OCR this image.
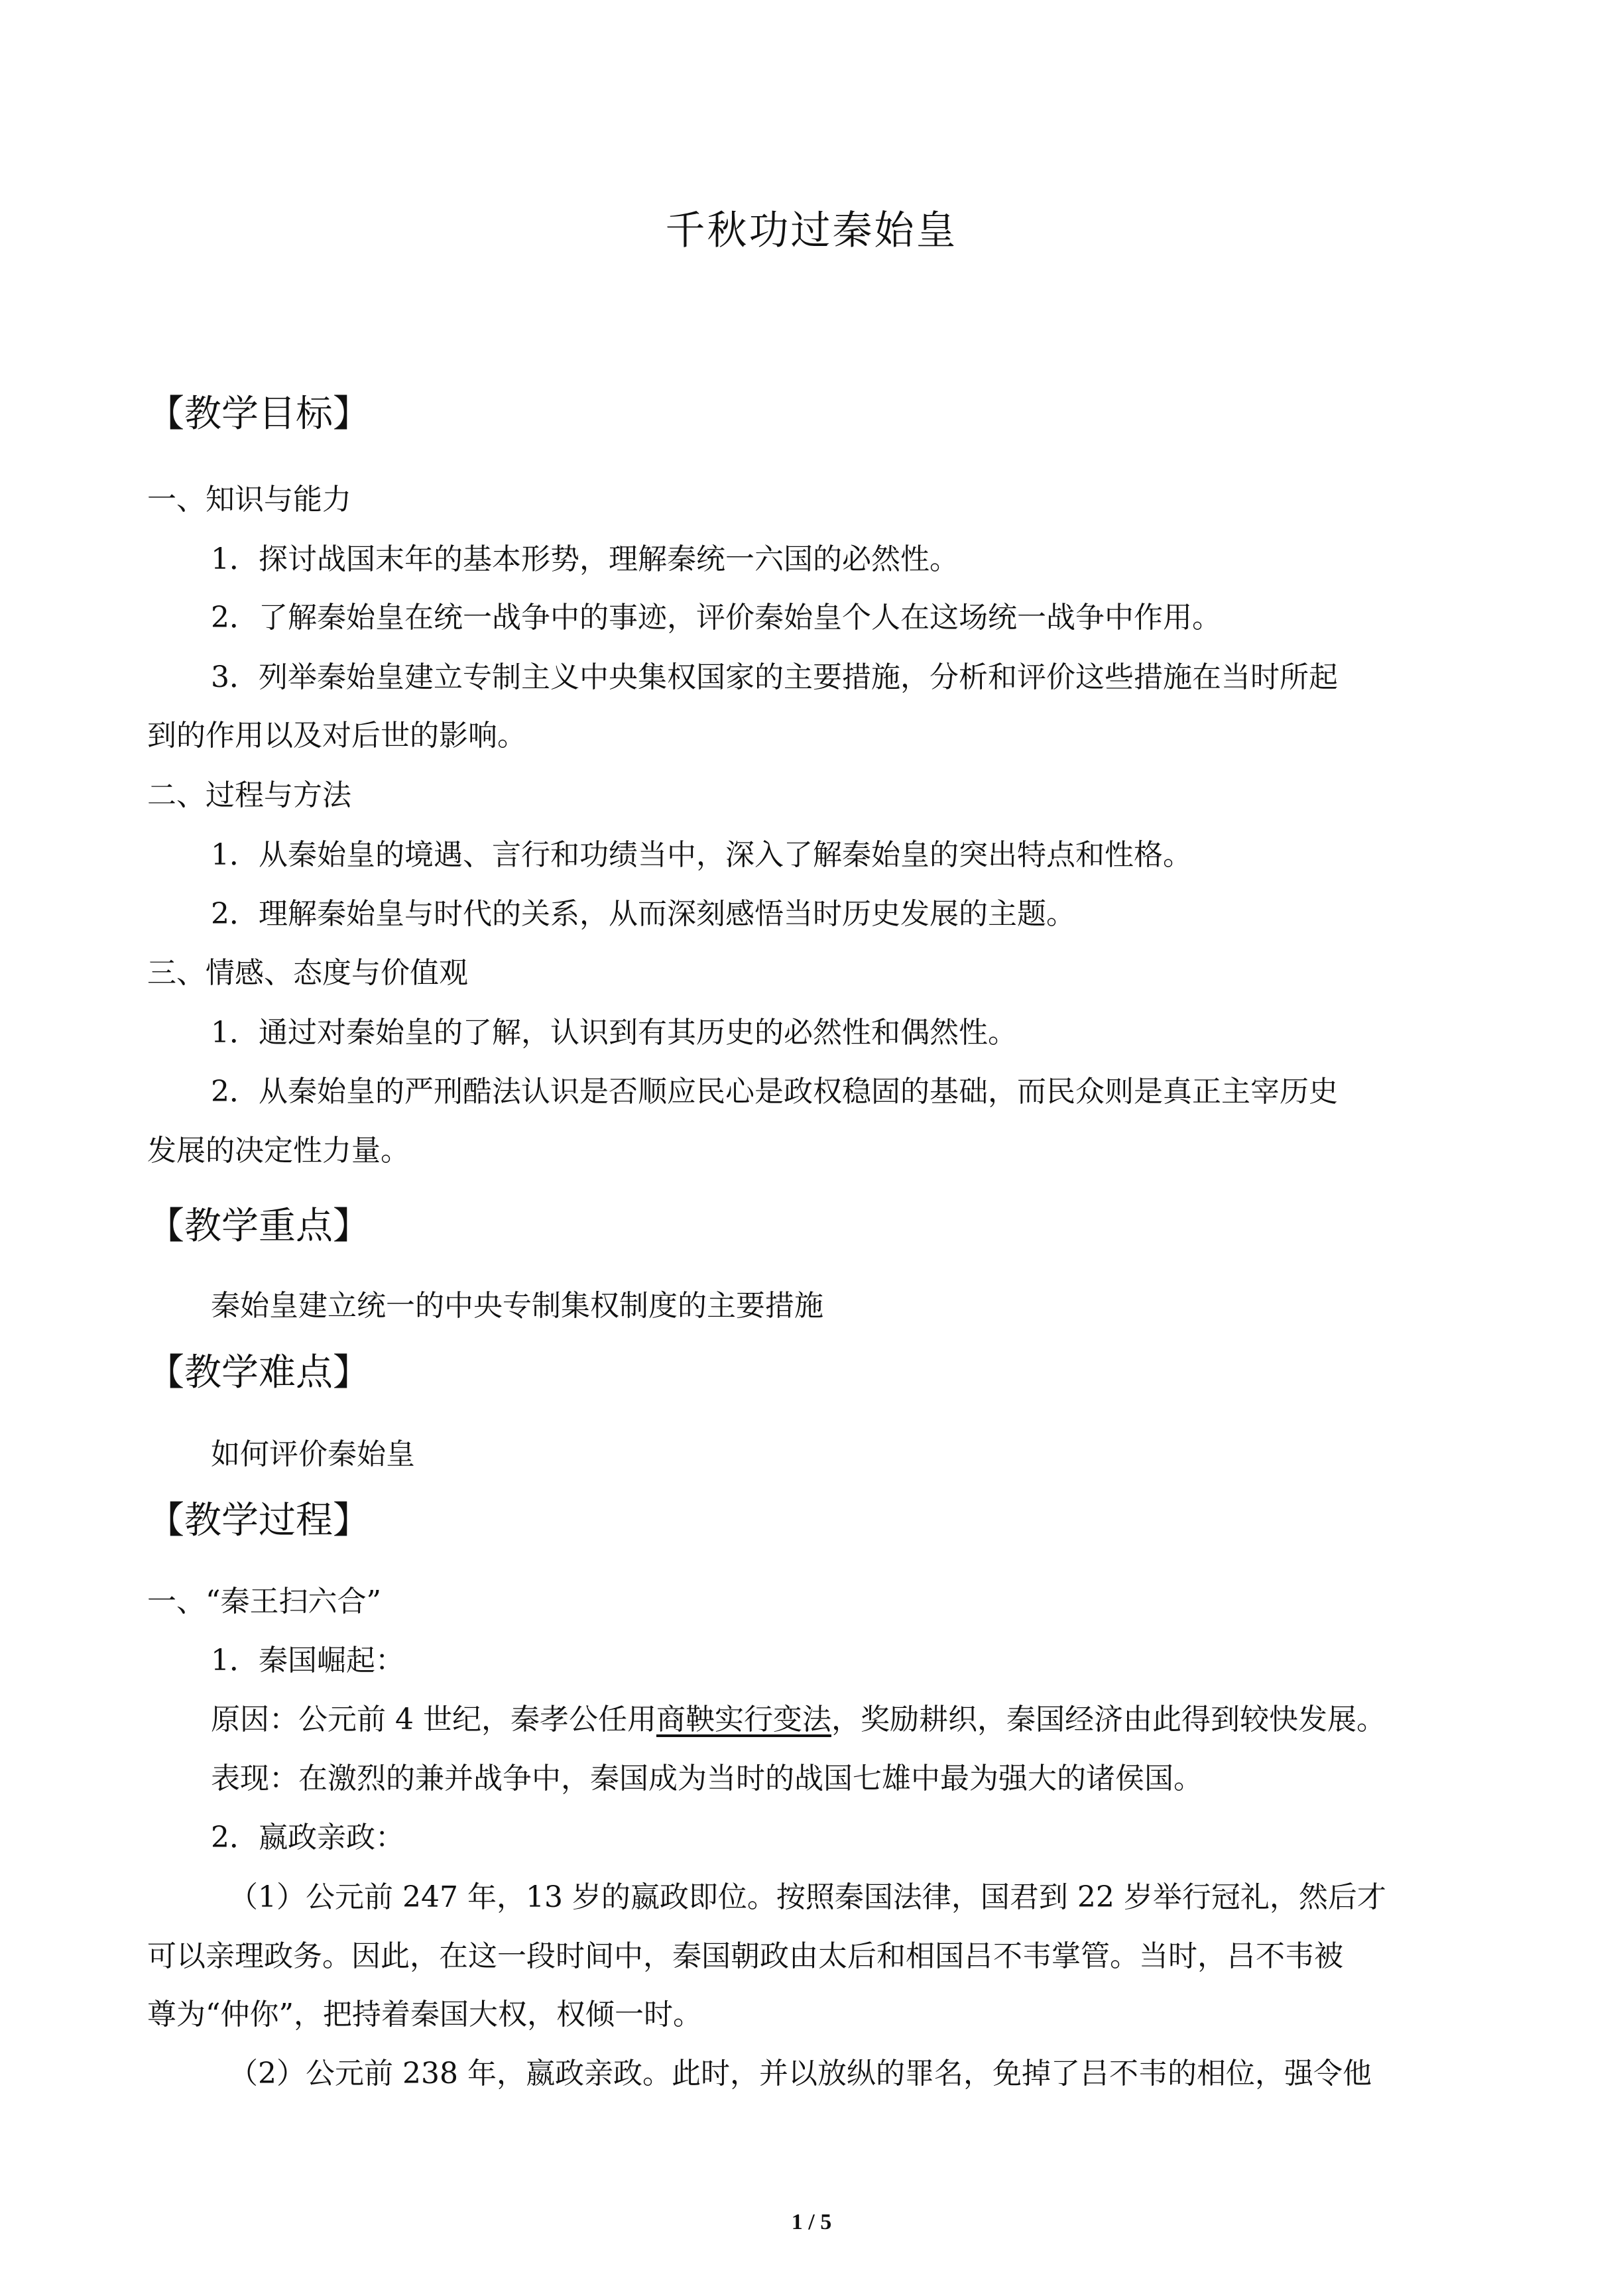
千秋功过秦始皇
【教学目标】
一、知识与能力
1．探讨战国末年的基本形势，理解秦统一六国的必然性。
2．了解秦始皇在统一战争中的事迹，评价秦始皇个人在这场统一战争中作用。
3．列举秦始皇建立专制主义中央集权国家的主要措施，分析和评价这些措施在当时所起
到的作用以及对后世的影响。
二、过程与方法
1．从秦始皇的境遇、言行和功绩当中，深入了解秦始皇的突出特点和性格。
2．理解秦始皇与时代的关系，从而深刻感悟当时历史发展的主题。
三、情感、态度与价值观
1．通过对秦始皇的了解，认识到有其历史的必然性和偶然性。
2．从秦始皇的严刑酷法认识是否顺应民心是政权稳固的基础，而民众则是真正主宰历史
发展的决定性力量。
【教学重点】
秦始皇建立统一的中央专制集权制度的主要措施
【教学难点】
如何评价秦始皇
【教学过程】
一、“秦王扫六合”
1．秦国崛起：
原因：公元前 4 世纪，秦孝公任用商鞅实行变法，奖励耕织，秦国经济由此得到较快发展。
表现：在激烈的兼并战争中，秦国成为当时的战国七雄中最为强大的诸侯国。
2．嬴政亲政：
（1）公元前 247 年，13 岁的嬴政即位。按照秦国法律，国君到 22 岁举行冠礼，然后才
可以亲理政务。因此，在这一段时间中，秦国朝政由太后和相国吕不韦掌管。当时，吕不韦被
尊为“仲你”，把持着秦国大权，权倾一时。
（2）公元前 238 年，嬴政亲政。此时，并以放纵的罪名，免掉了吕不韦的相位，强令他
1 / 5
